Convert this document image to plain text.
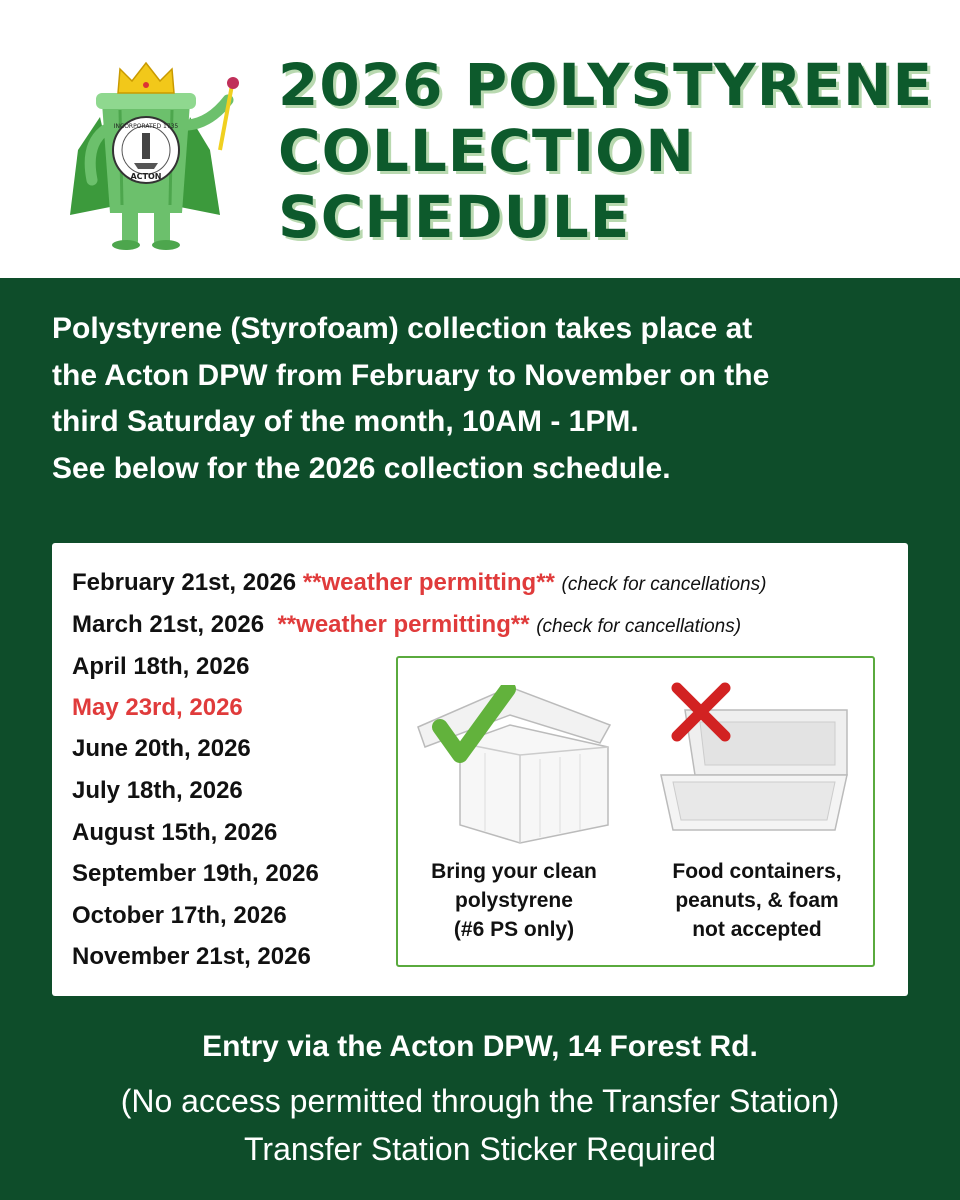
INCORPORATED 1735
ACTON
2026 POLYSTYRENE
COLLECTION
SCHEDULE
Polystyrene (Styrofoam) collection takes place at
the Acton DPW from February to November on the
third Saturday of the month, 10AM - 1PM.
See below for the 2026 collection schedule.
February 21st, 2026 **weather permitting** (check for cancellations)
March 21st, 2026 **weather permitting** (check for cancellations)
April 18th, 2026
May 23rd, 2026
June 20th, 2026
July 18th, 2026
August 15th, 2026
September 19th, 2026
October 17th, 2026
November 21st, 2026
Bring your clean
polystyrene
(#6 PS only)
Food containers,
peanuts, & foam
not accepted
Entry via the Acton DPW, 14 Forest Rd.
(No access permitted through the Transfer Station)
Transfer Station Sticker Required
